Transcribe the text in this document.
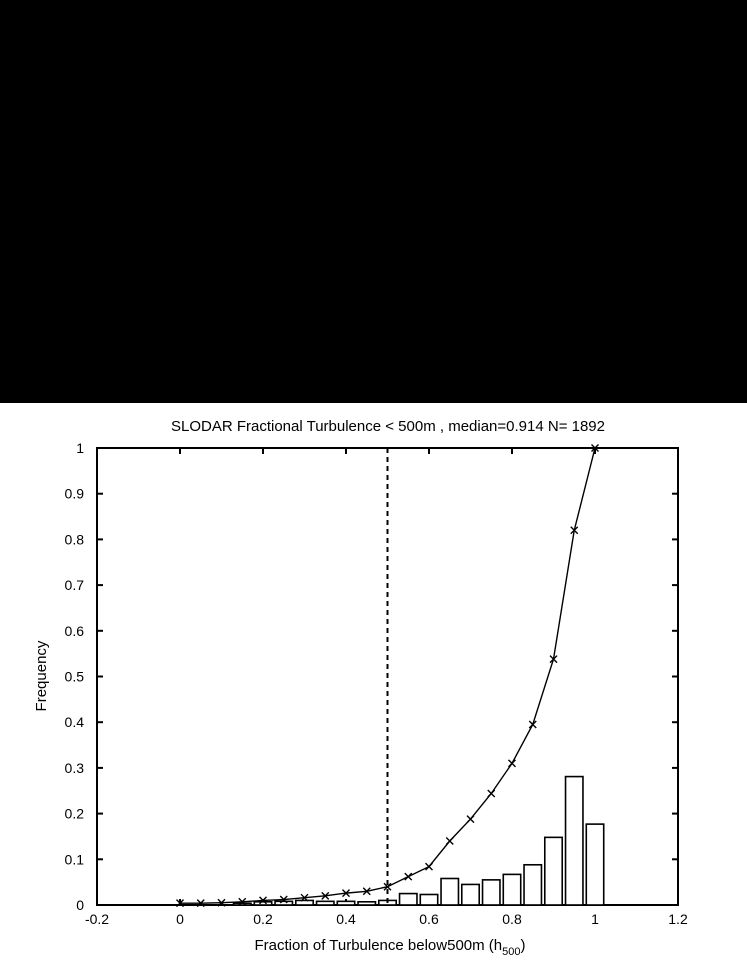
SLODAR Fractional Turbulence < 500m , median=0.914 N= 1892
-0.2	0	0.2	0.4	0.6	0.8	1	1.2
0
0.1
0.2
0.3
0.4
0.5
0.6
0.7
0.8
0.9
1
Frequency
Fraction of Turbulence below500m $(h_{500})$
